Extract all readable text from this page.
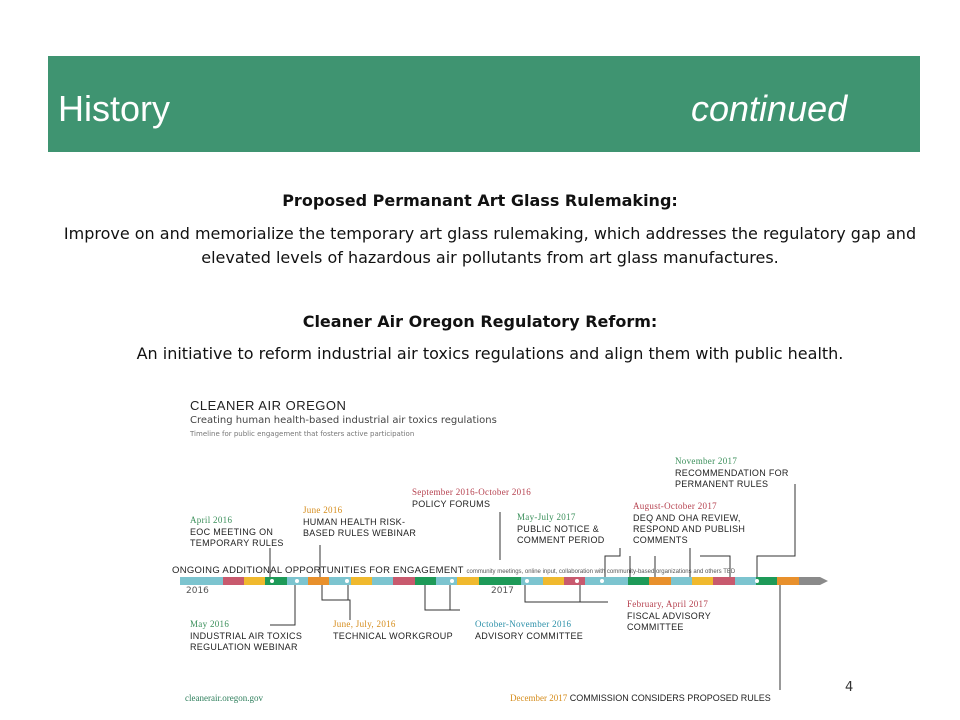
History	continued
Proposed Permanant Art Glass Rulemaking:
Improve on and memorialize the temporary art glass rulemaking, which addresses the regulatory gap and elevated levels of hazardous air pollutants from art glass manufactures.
Cleaner Air Oregon Regulatory Reform:
An initiative to reform industrial air toxics regulations and align them with public health.
CLEANER AIR OREGON
Creating human health-based industrial air toxics regulations
Timeline for public engagement that fosters active participation
ONGOING ADDITIONAL OPPORTUNITIES FOR ENGAGEMENT community meetings, online input, collaboration with community-based organizations and others TBD
2016	2017
April 2016
EOC MEETING ON TEMPORARY RULES
June 2016
HUMAN HEALTH RISK-BASED RULES WEBINAR
September 2016-October 2016
POLICY FORUMS
May-July 2017
PUBLIC NOTICE & COMMENT PERIOD
August-October 2017
DEQ AND OHA REVIEW, RESPOND AND PUBLISH COMMENTS
November 2017
RECOMMENDATION FOR PERMANENT RULES
May 2016
INDUSTRIAL AIR TOXICS REGULATION WEBINAR
June, July, 2016
TECHNICAL WORKGROUP
October-November 2016
ADVISORY COMMITTEE
February, April 2017
FISCAL ADVISORY COMMITTEE
cleanerair.oregon.gov	December 2017 COMMISSION CONSIDERS PROPOSED RULES
4
